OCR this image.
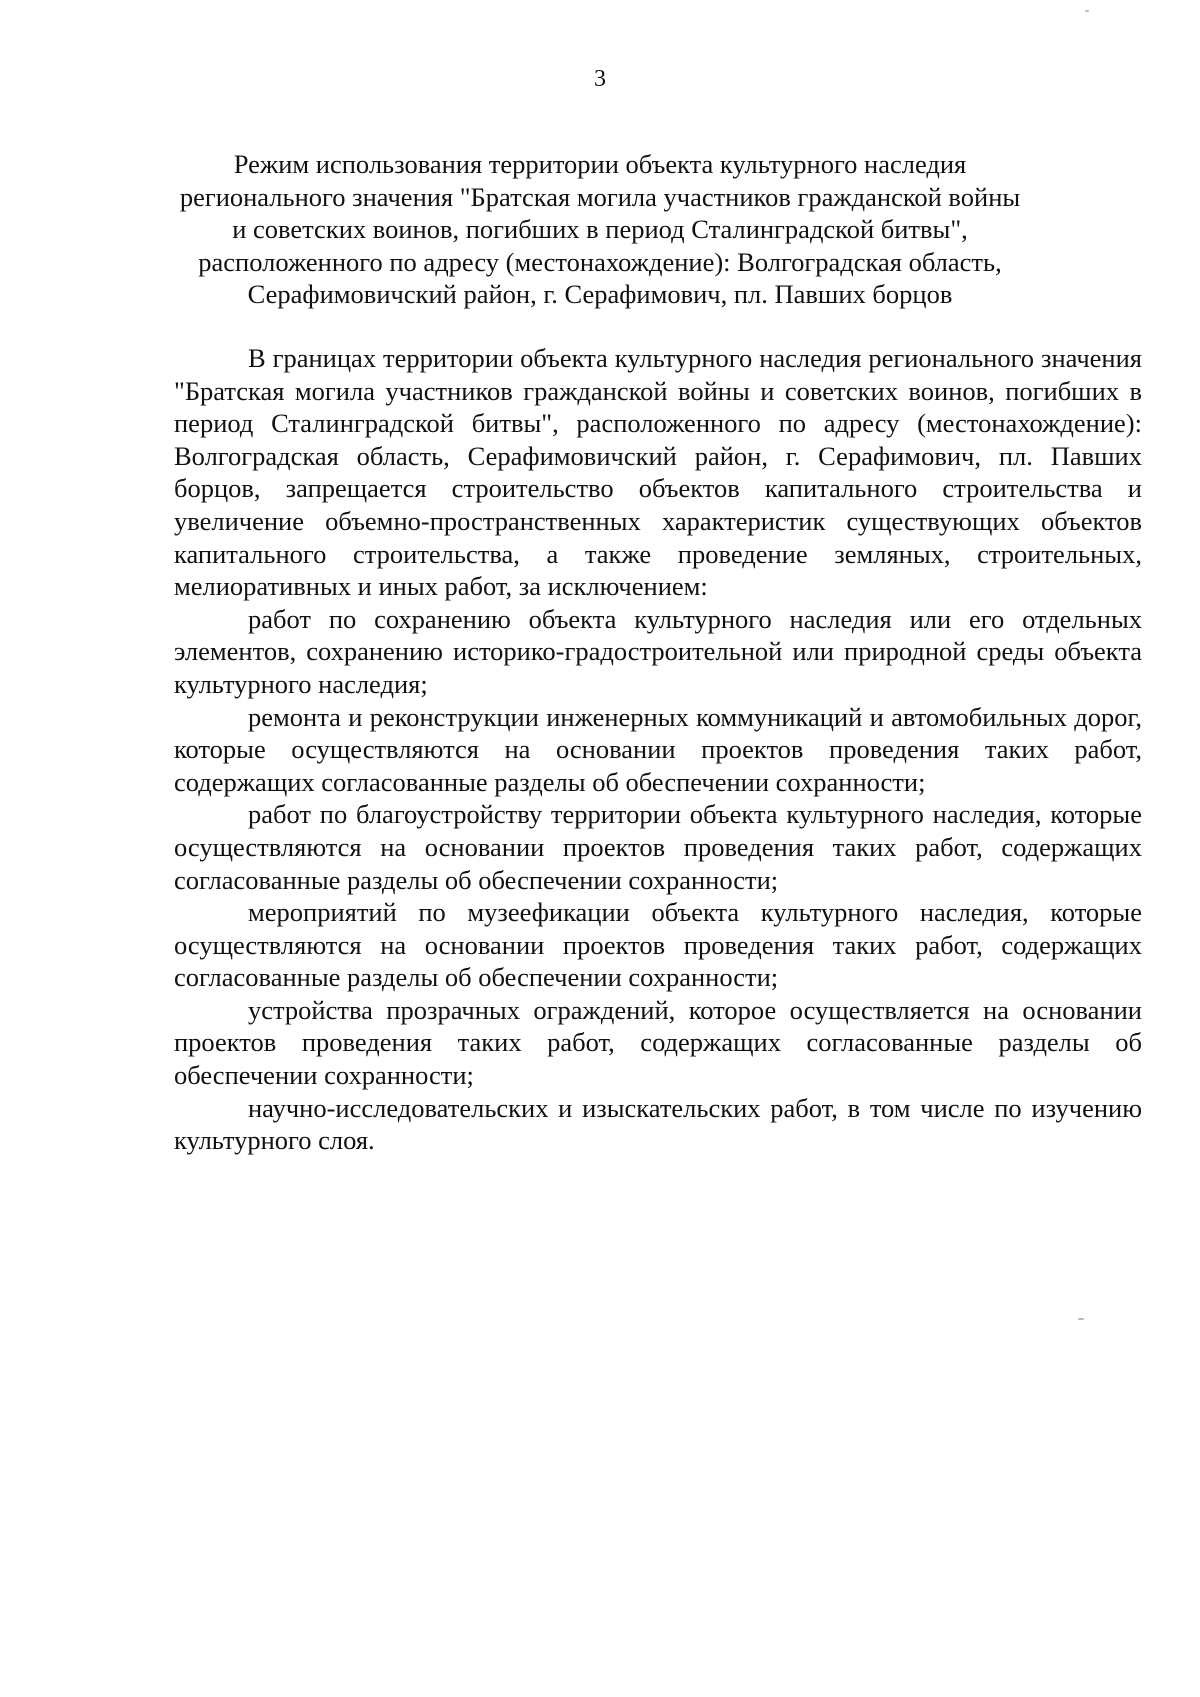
3
Режим использования территории объекта культурного наследия
регионального значения "Братская могила участников гражданской войны
и советских воинов, погибших в период Сталинградской битвы",
расположенного по адресу (местонахождение): Волгоградская область,
Серафимовичский район, г. Серафимович, пл. Павших борцов

В границах территории объекта культурного наследия регионального значения "Братская могила участников гражданской войны и советских воинов, погибших в период Сталинградской битвы", расположенного по адресу (местонахождение): Волгоградская область, Серафимовичский район, г. Серафимович, пл. Павших борцов, запрещается строительство объектов капитального строительства и увеличение объемно-пространственных характеристик существующих объектов капитального строительства, а также проведение земляных, строительных, мелиоративных и иных работ, за исключением:

работ по сохранению объекта культурного наследия или его отдельных элементов, сохранению историко-градостроительной или природной среды объекта культурного наследия;

ремонта и реконструкции инженерных коммуникаций и автомобильных дорог, которые осуществляются на основании проектов проведения таких работ, содержащих согласованные разделы об обеспечении сохранности;

работ по благоустройству территории объекта культурного наследия, которые осуществляются на основании проектов проведения таких работ, содержащих согласованные разделы об обеспечении сохранности;

мероприятий по музеефикации объекта культурного наследия, которые осуществляются на основании проектов проведения таких работ, содержащих согласованные разделы об обеспечении сохранности;

устройства прозрачных ограждений, которое осуществляется на основании проектов проведения таких работ, содержащих согласованные разделы об обеспечении сохранности;

научно-исследовательских и изыскательских работ, в том числе по изучению культурного слоя.
